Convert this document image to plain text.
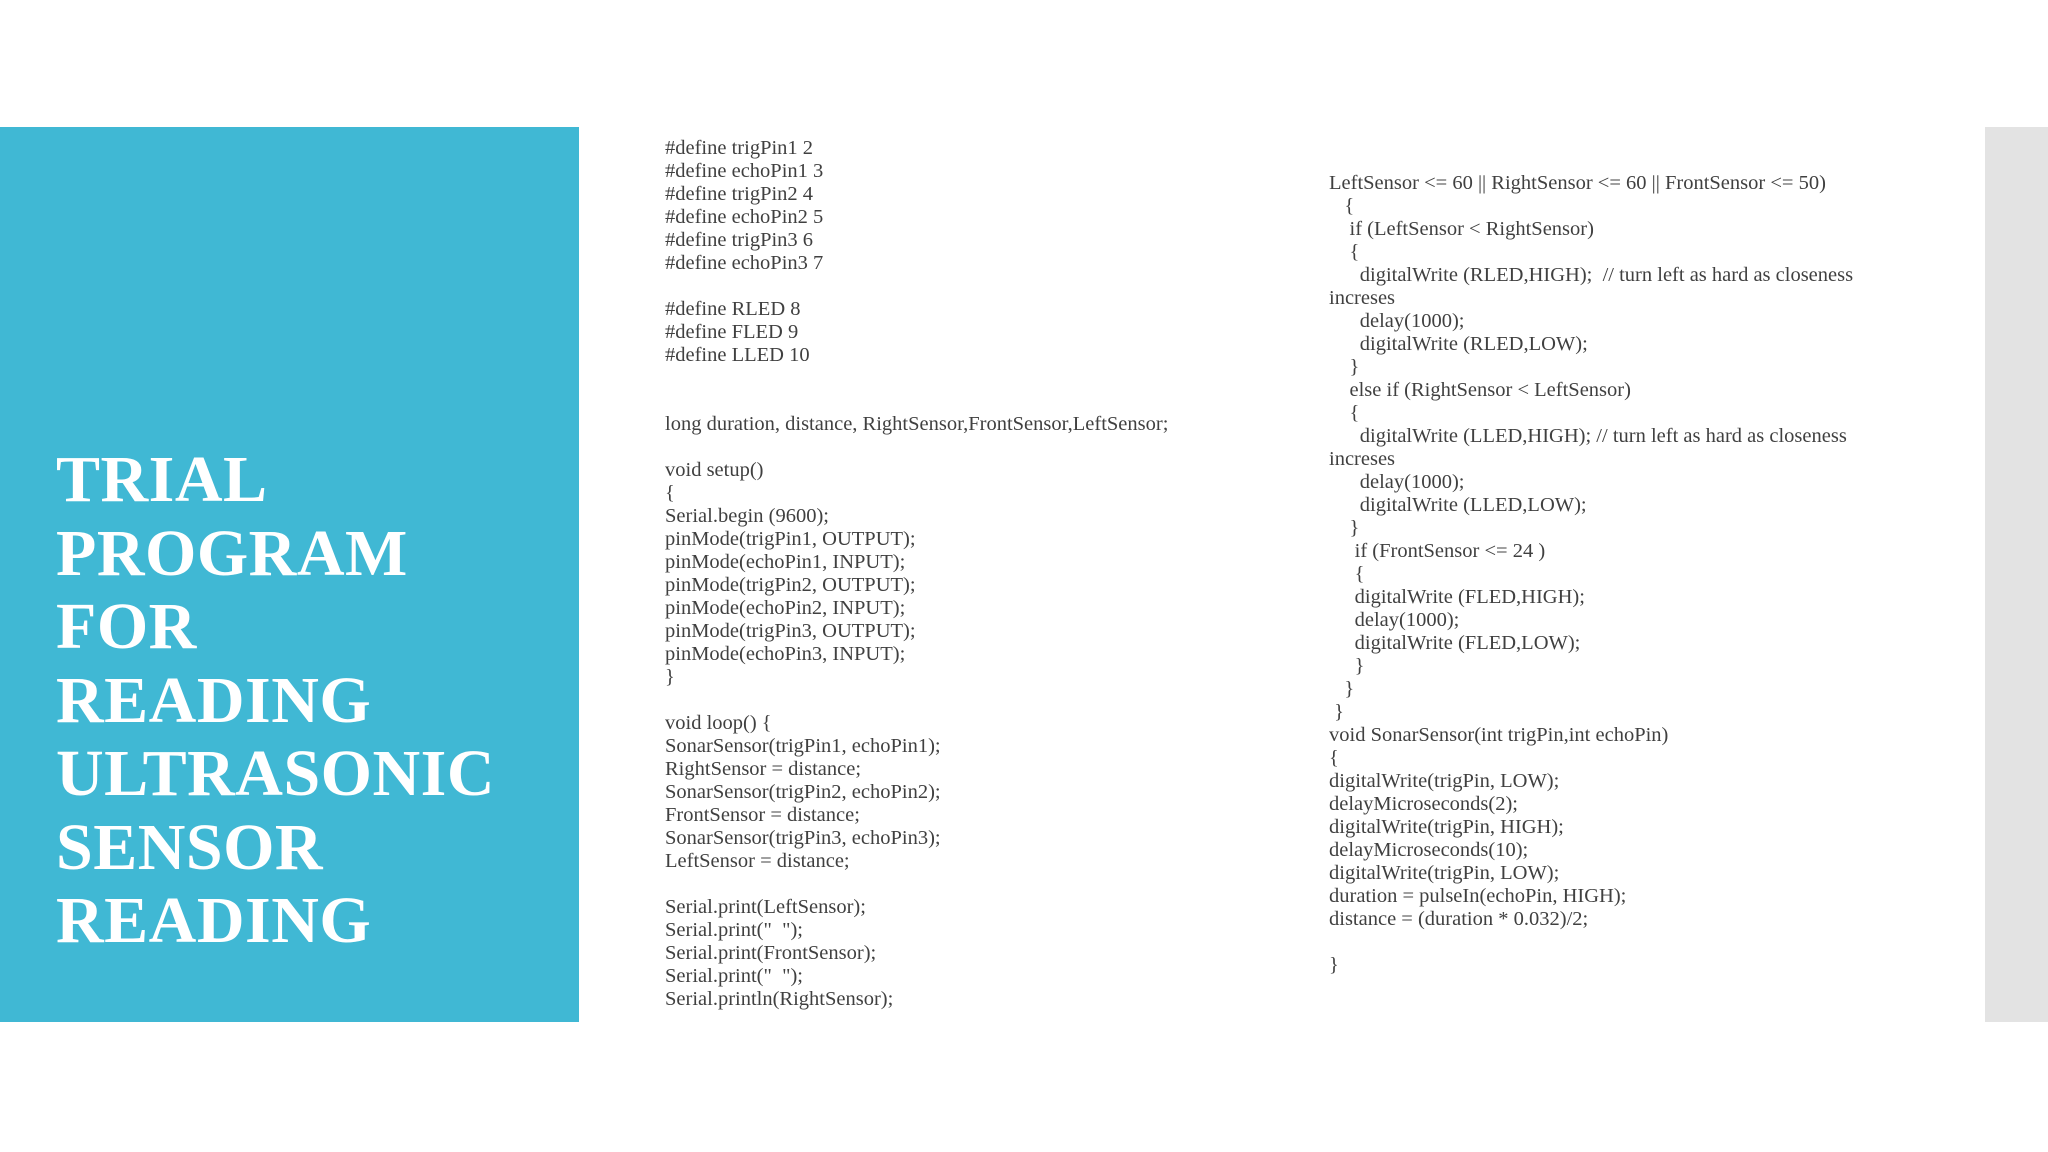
TRIAL
PROGRAM
FOR
READING
ULTRASONIC
SENSOR
READING
#define trigPin1 2
#define echoPin1 3
#define trigPin2 4
#define echoPin2 5
#define trigPin3 6
#define echoPin3 7
#define RLED 8
#define FLED 9
#define LLED 10
long duration, distance, RightSensor,FrontSensor,LeftSensor;
void setup()
{
Serial.begin (9600);
pinMode(trigPin1, OUTPUT);
pinMode(echoPin1, INPUT);
pinMode(trigPin2, OUTPUT);
pinMode(echoPin2, INPUT);
pinMode(trigPin3, OUTPUT);
pinMode(echoPin3, INPUT);
}
void loop() {
SonarSensor(trigPin1, echoPin1);
RightSensor = distance;
SonarSensor(trigPin2, echoPin2);
FrontSensor = distance;
SonarSensor(trigPin3, echoPin3);
LeftSensor = distance;
Serial.print(LeftSensor);
Serial.print("  ");
Serial.print(FrontSensor);
Serial.print("  ");
Serial.println(RightSensor);
LeftSensor <= 60 || RightSensor <= 60 || FrontSensor <= 50)
{
if (LeftSensor < RightSensor)
{
digitalWrite (RLED,HIGH);  // turn left as hard as closeness
increses
delay(1000);
digitalWrite (RLED,LOW);
}
else if (RightSensor < LeftSensor)
{
digitalWrite (LLED,HIGH); // turn left as hard as closeness
increses
delay(1000);
digitalWrite (LLED,LOW);
}
if (FrontSensor <= 24 )
{
digitalWrite (FLED,HIGH);
delay(1000);
digitalWrite (FLED,LOW);
}
}
}
void SonarSensor(int trigPin,int echoPin)
{
digitalWrite(trigPin, LOW);
delayMicroseconds(2);
digitalWrite(trigPin, HIGH);
delayMicroseconds(10);
digitalWrite(trigPin, LOW);
duration = pulseIn(echoPin, HIGH);
distance = (duration * 0.032)/2;
}
